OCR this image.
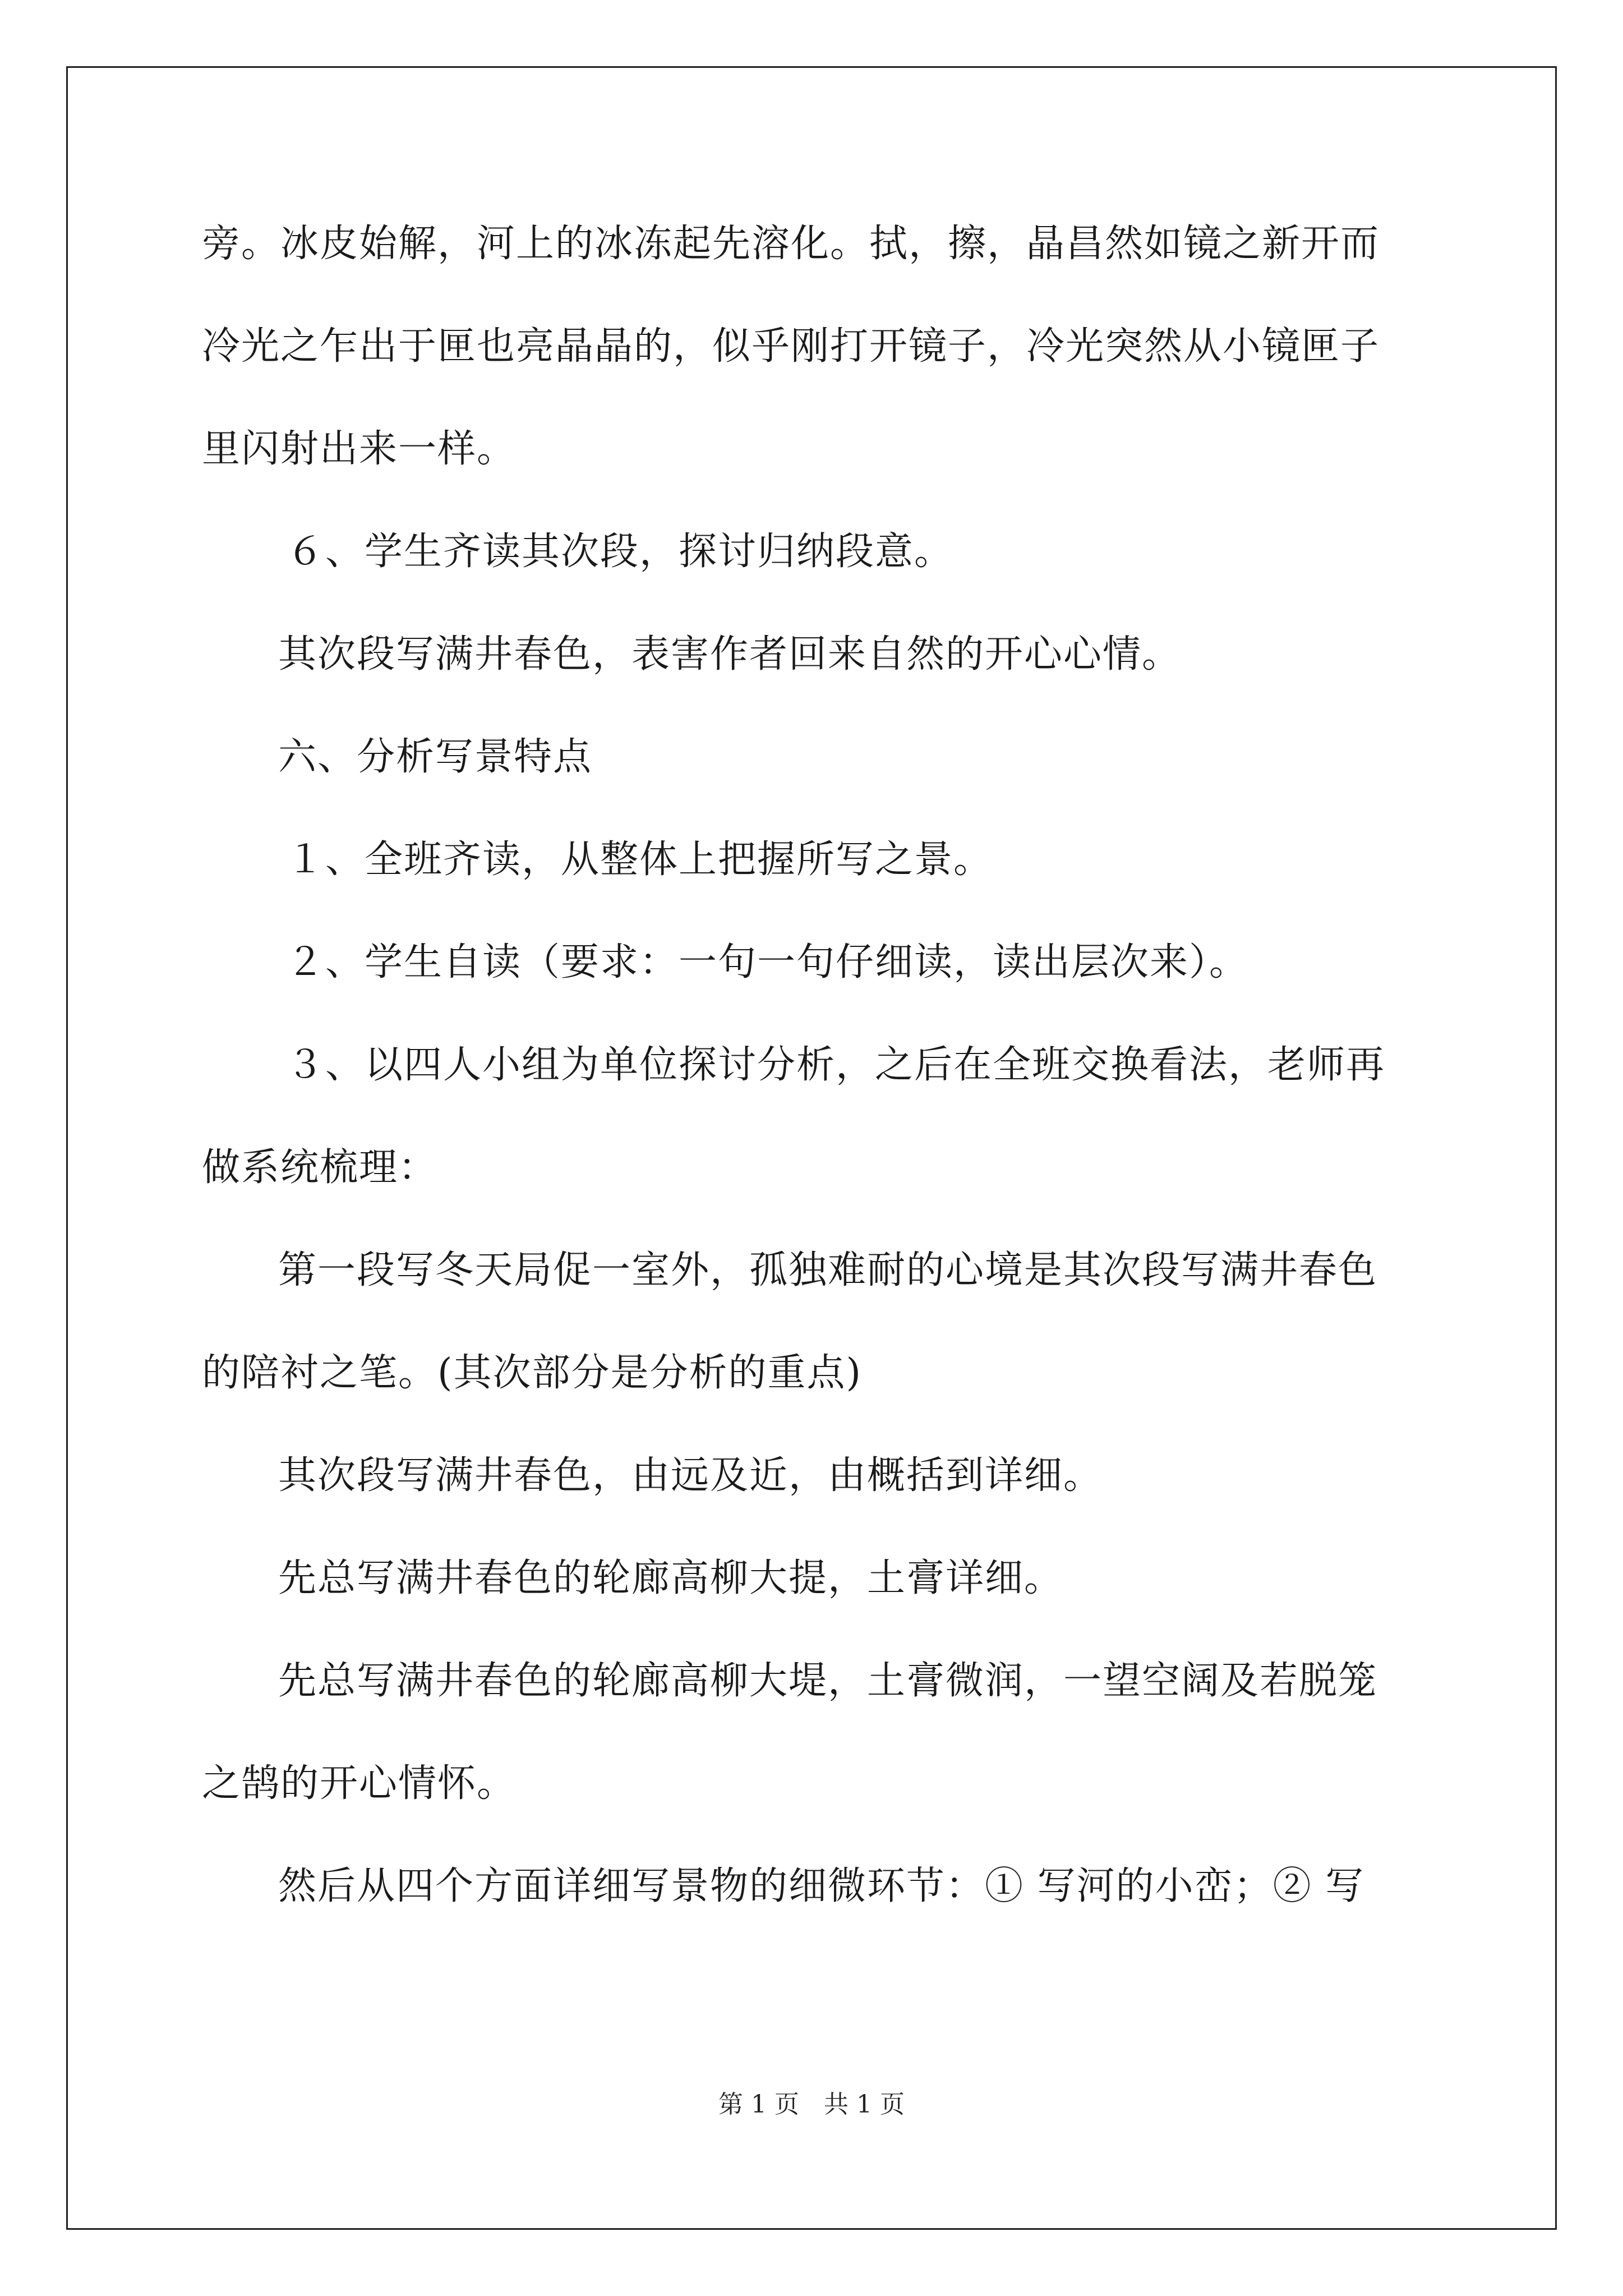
旁。冰皮始解，河上的冰冻起先溶化。拭，擦，晶昌然如镜之新开而
冷光之乍出于匣也亮晶晶的，似乎刚打开镜子，冷光突然从小镜匣子
里闪射出来一样。
６、学生齐读其次段，探讨归纳段意。
其次段写满井春色，表害作者回来自然的开心心情。
六、分析写景特点
１、全班齐读，从整体上把握所写之景。
２、学生自读（要求：一句一句仔细读，读出层次来）。
３、以四人小组为单位探讨分析，之后在全班交换看法，老师再
做系统梳理：
第一段写冬天局促一室外，孤独难耐的心境是其次段写满井春色
的陪衬之笔。(其次部分是分析的重点)
其次段写满井春色，由远及近，由概括到详细。
先总写满井春色的轮廊高柳大提，土膏详细。
先总写满井春色的轮廊高柳大堤，土膏微润，一望空阔及若脱笼
之鹄的开心情怀。
然后从四个方面详细写景物的细微环节：① 写河的小峦；② 写
第 1 页　共 1 页
